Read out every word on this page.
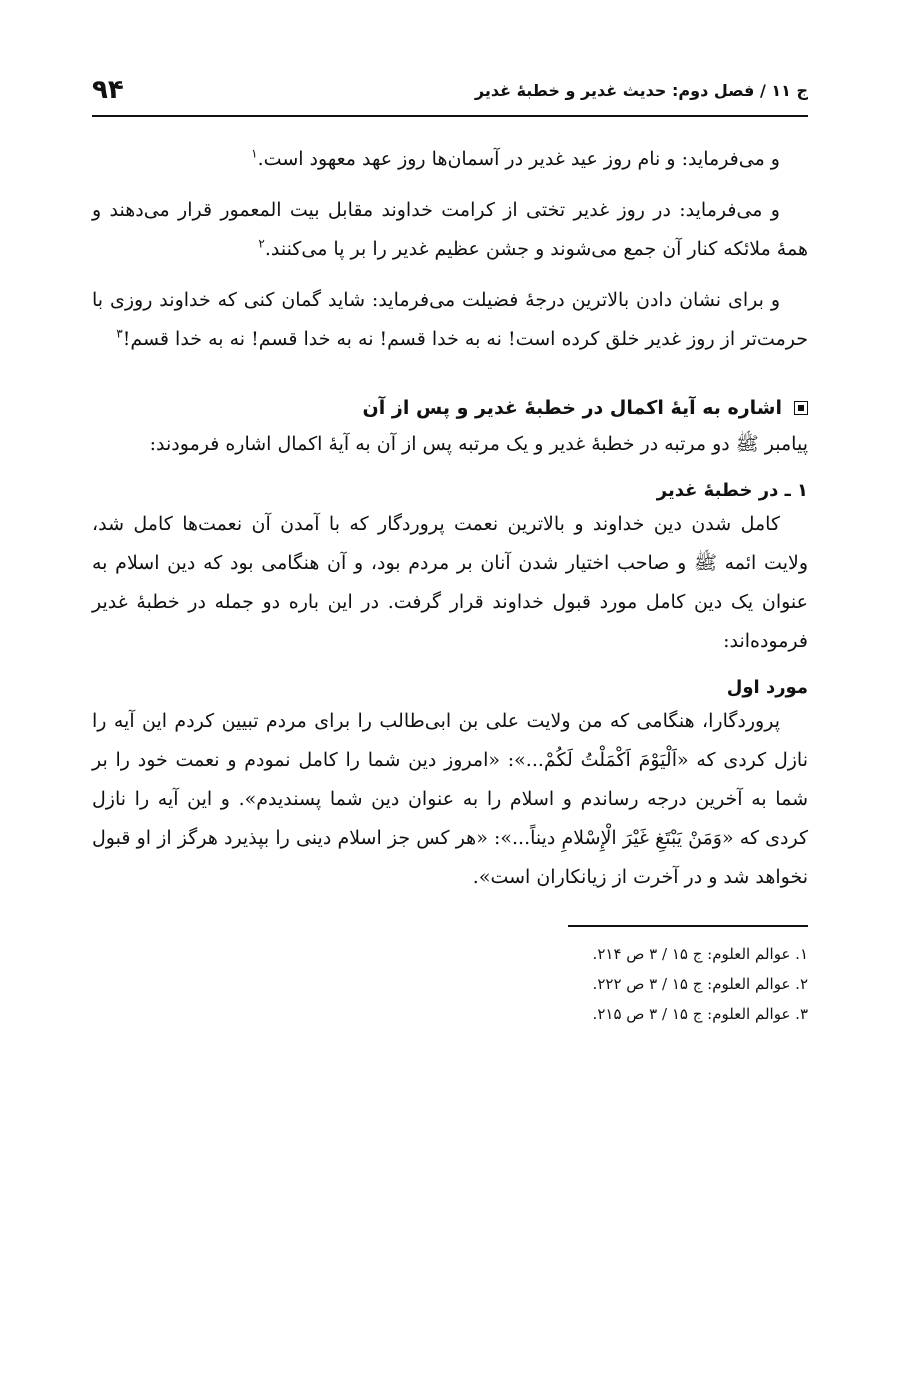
ج ۱۱ / فصل دوم: حدیث غدیر و خطبهٔ غدیر
۹۴

و می‌فرماید: و نام روز عید غدیر در آسمان‌ها روز عهد معهود است.$^۱$

و می‌فرماید: در روز غدیر تختی از کرامت خداوند مقابل بیت المعمور قرار می‌دهند و همهٔ ملائکه کنار آن جمع می‌شوند و جشن عظیم غدیر را بر پا می‌کنند.$^۲$

و برای نشان دادن بالاترین درجهٔ فضیلت می‌فرماید: شاید گمان کنی که خداوند روزی با حرمت‌تر از روز غدیر خلق کرده است! نه به خدا قسم! نه به خدا قسم! نه به خدا قسم!$^۳$

اشاره به آیهٔ اکمال در خطبهٔ غدیر و پس از آن

پیامبر ﷺ دو مرتبه در خطبهٔ غدیر و یک مرتبه پس از آن به آیهٔ اکمال اشاره فرمودند:

۱ ـ در خطبهٔ غدیر

کامل شدن دین خداوند و بالاترین نعمت پروردگار که با آمدن آن نعمت‌ها کامل شد، ولایت ائمه ﷺ و صاحب اختیار شدن آنان بر مردم بود، و آن هنگامی بود که دین اسلام به عنوان یک دین کامل مورد قبول خداوند قرار گرفت. در این باره دو جمله در خطبهٔ غدیر فرموده‌اند:

مورد اول

پروردگارا، هنگامی که من ولایت علی بن ابی‌طالب را برای مردم تبیین کردم این آیه را نازل کردی که «اَلْیَوْمَ اَکْمَلْتُ لَکُمْ...»: «امروز دین شما را کامل نمودم و نعمت خود را بر شما به آخرین درجه رساندم و اسلام را به عنوان دین شما پسندیدم». و این آیه را نازل کردی که «وَمَنْ یَبْتَغِ غَیْرَ الْإِسْلامِ دیناً...»: «هر کس جز اسلام دینی را بپذیرد هرگز از او قبول نخواهد شد و در آخرت از زیانکاران است».

۱. عوالم العلوم: ج ۱۵ / ۳ ص ۲۱۴.

۲. عوالم العلوم: ج ۱۵ / ۳ ص ۲۲۲.

۳. عوالم العلوم: ج ۱۵ / ۳ ص ۲۱۵.
